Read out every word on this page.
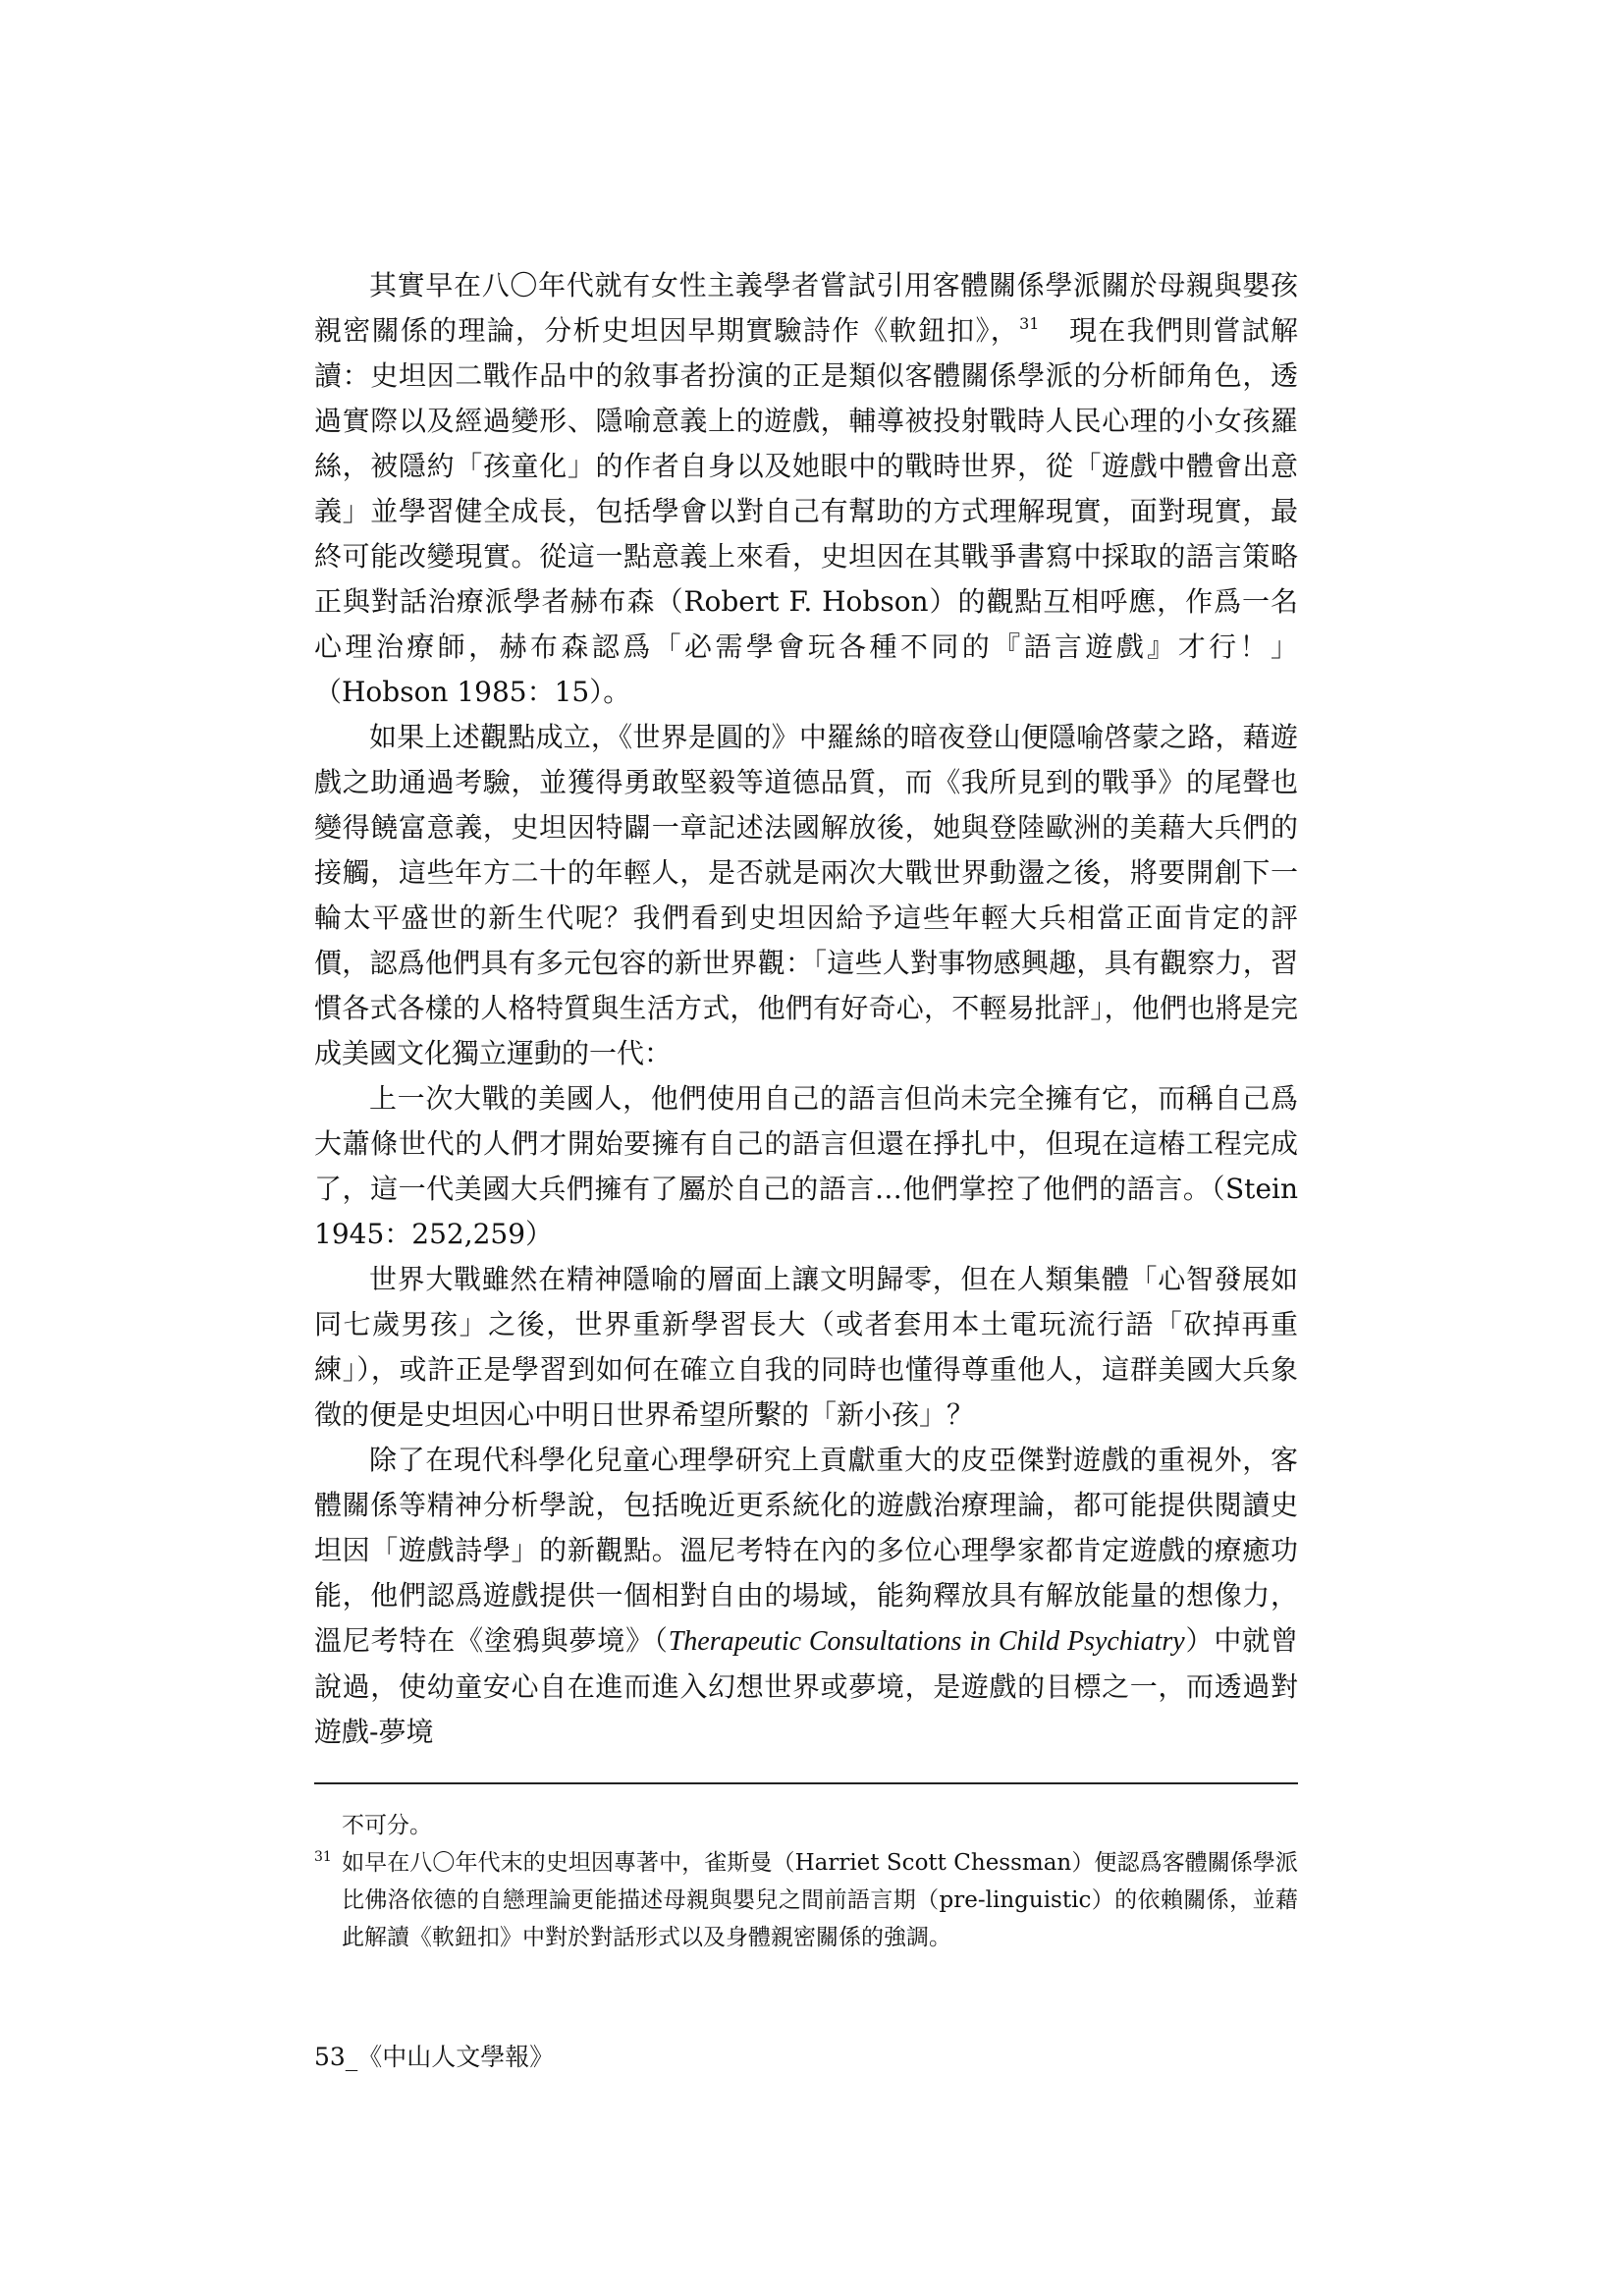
其實早在八〇年代就有女性主義學者嘗試引用客體關係學派關於母親與嬰孩親密關係的理論，分析史坦因早期實驗詩作《軟鈕扣》，$^{31}$　現在我們則嘗試解讀：史坦因二戰作品中的敘事者扮演的正是類似客體關係學派的分析師角色，透過實際以及經過變形、隱喻意義上的遊戲，輔導被投射戰時人民心理的小女孩羅絲，被隱約「孩童化」的作者自身以及她眼中的戰時世界，從「遊戲中體會出意義」並學習健全成長，包括學會以對自己有幫助的方式理解現實，面對現實，最終可能改變現實。從這一點意義上來看，史坦因在其戰爭書寫中採取的語言策略正與對話治療派學者赫布森（Robert F. Hobson）的觀點互相呼應，作爲一名心理治療師，赫布森認爲「必需學會玩各種不同的『語言遊戲』才行！」（Hobson 1985：15）。

如果上述觀點成立，《世界是圓的》中羅絲的暗夜登山便隱喻啓蒙之路，藉遊戲之助通過考驗，並獲得勇敢堅毅等道德品質，而《我所見到的戰爭》的尾聲也變得饒富意義，史坦因特闢一章記述法國解放後，她與登陸歐洲的美藉大兵們的接觸，這些年方二十的年輕人，是否就是兩次大戰世界動盪之後，將要開創下一輪太平盛世的新生代呢？我們看到史坦因給予這些年輕大兵相當正面肯定的評價，認爲他們具有多元包容的新世界觀：「這些人對事物感興趣，具有觀察力，習慣各式各樣的人格特質與生活方式，他們有好奇心，不輕易批評」，他們也將是完成美國文化獨立運動的一代：

上一次大戰的美國人，他們使用自己的語言但尚未完全擁有它，而稱自己爲大蕭條世代的人們才開始要擁有自己的語言但還在掙扎中，但現在這樁工程完成了，這一代美國大兵們擁有了屬於自己的語言…他們掌控了他們的語言。（Stein 1945：252,259）

世界大戰雖然在精神隱喻的層面上讓文明歸零，但在人類集體「心智發展如同七歲男孩」之後，世界重新學習長大（或者套用本土電玩流行語「砍掉再重練」），或許正是學習到如何在確立自我的同時也懂得尊重他人，這群美國大兵象徵的便是史坦因心中明日世界希望所繫的「新小孩」？

除了在現代科學化兒童心理學研究上貢獻重大的皮亞傑對遊戲的重視外，客體關係等精神分析學說，包括晚近更系統化的遊戲治療理論，都可能提供閱讀史坦因「遊戲詩學」的新觀點。溫尼考特在內的多位心理學家都肯定遊戲的療癒功能，他們認爲遊戲提供一個相對自由的場域，能夠釋放具有解放能量的想像力，溫尼考特在《塗鴉與夢境》（Therapeutic Consultations in Child Psychiatry）中就曾說過，使幼童安心自在進而進入幻想世界或夢境，是遊戲的目標之一，而透過對遊戲-夢境

不可分。

$^{31}$ 如早在八〇年代末的史坦因專著中，雀斯曼（Harriet Scott Chessman）便認爲客體關係學派比佛洛依德的自戀理論更能描述母親與嬰兒之間前語言期（pre-linguistic）的依賴關係，並藉此解讀《軟鈕扣》中對於對話形式以及身體親密關係的強調。

53_《中山人文學報》
